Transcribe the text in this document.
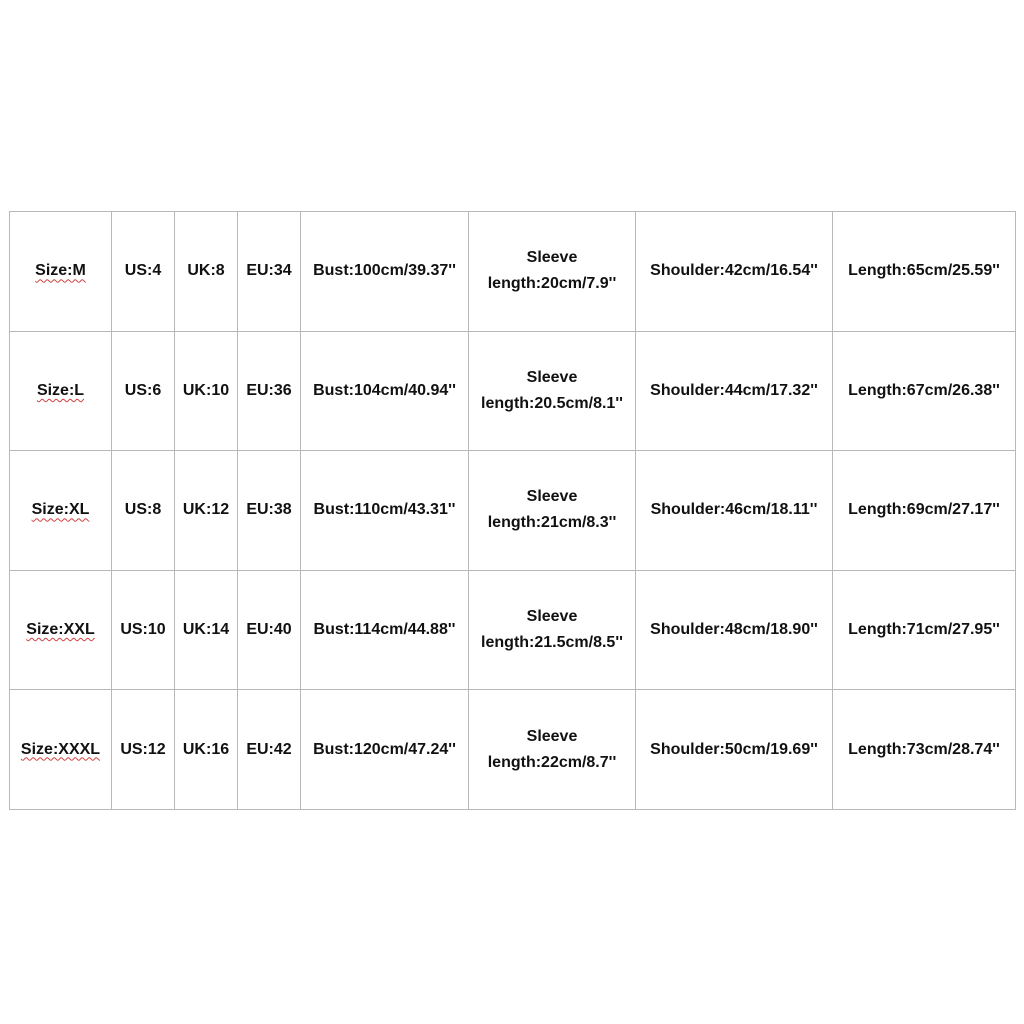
Size:M	US:4	UK:8	EU:34	Bust:100cm/39.37''	Sleeve
length:20cm/7.9''	Shoulder:42cm/16.54''	Length:65cm/25.59''
Size:L	US:6	UK:10	EU:36	Bust:104cm/40.94''	Sleeve
length:20.5cm/8.1''	Shoulder:44cm/17.32''	Length:67cm/26.38''
Size:XL	US:8	UK:12	EU:38	Bust:110cm/43.31''	Sleeve
length:21cm/8.3''	Shoulder:46cm/18.11''	Length:69cm/27.17''
Size:XXL	US:10	UK:14	EU:40	Bust:114cm/44.88''	Sleeve
length:21.5cm/8.5''	Shoulder:48cm/18.90''	Length:71cm/27.95''
Size:XXXL	US:12	UK:16	EU:42	Bust:120cm/47.24''	Sleeve
length:22cm/8.7''	Shoulder:50cm/19.69''	Length:73cm/28.74''
